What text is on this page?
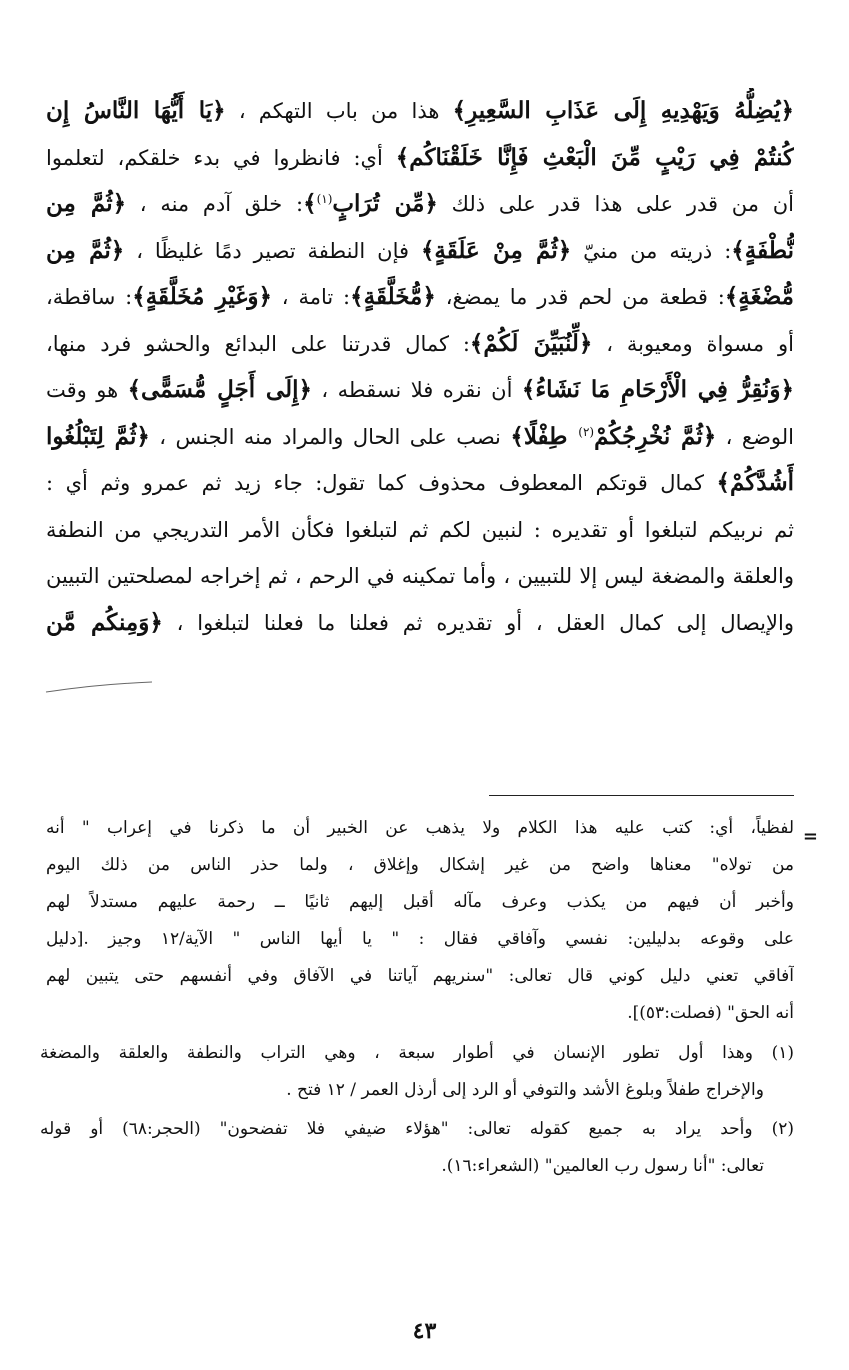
﴿يُضِلُّهُ وَيَهْدِيهِ إِلَى عَذَابِ السَّعِيرِ﴾ هذا من باب التهكم ، ﴿يَا أَيُّهَا النَّاسُ إِن
كُنتُمْ فِي رَيْبٍ مِّنَ الْبَعْثِ فَإِنَّا خَلَقْنَاكُم﴾ أي: فانظروا في بدء خلقكم، لتعلموا
أن من قدر على هذا قدر على ذلك ﴿مِّن تُرَابٍ$^{(١)}$﴾: خلق آدم منه ، ﴿ثُمَّ مِن
نُّطْفَةٍ﴾: ذريته من منيّ ﴿ثُمَّ مِنْ عَلَقَةٍ﴾ فإن النطفة تصير دمًا غليظًا ، ﴿ثُمَّ مِن
مُّضْغَةٍ﴾: قطعة من لحم قدر ما يمضغ، ﴿مُّخَلَّقَةٍ﴾: تامة ، ﴿وَغَيْرِ مُخَلَّقَةٍ﴾: ساقطة،
أو مسواة ومعيوبة ، ﴿لِّنُبَيِّنَ لَكُمْ﴾: كمال قدرتنا على البدائع والحشو فرد منها،
﴿وَنُقِرُّ فِي الْأَرْحَامِ مَا نَشَاءُ﴾ أن نقره فلا نسقطه ، ﴿إِلَى أَجَلٍ مُّسَمًّى﴾ هو وقت
الوضع ، ﴿ثُمَّ نُخْرِجُكُمْ$^{(٢)}$ طِفْلًا﴾ نصب على الحال والمراد منه الجنس ، ﴿ثُمَّ لِتَبْلُغُوا
أَشُدَّكُمْ﴾ كمال قوتكم المعطوف محذوف كما تقول: جاء زيد ثم عمرو وثم أي :
ثم نربيكم لتبلغوا أو تقديره : لنبين لكم ثم لتبلغوا فكأن الأمر التدريجي من النطفة
والعلقة والمضغة ليس إلا للتبيين ، وأما تمكينه في الرحم ، ثم إخراجه لمصلحتين التبيين
والإيصال إلى كمال العقل ، أو تقديره ثم فعلنا ما فعلنا لتبلغوا ، ﴿وَمِنكُم مَّن
=
لفظياً، أي: كتب عليه هذا الكلام ولا يذهب عن الخبير أن ما ذكرنا في إعراب " أنه
من تولاه" معناها واضح من غير إشكال وإغلاق ، ولما حذر الناس من ذلك اليوم
وأخبر أن فيهم من يكذب وعرف مآله أقبل إليهم ثانيًا ــ رحمة عليهم مستدلاً لهم
على وقوعه بدليلين: نفسي وآفاقي فقال : " يا أيها الناس " الآية/١٢ وجيز .[دليل
آفاقي تعني دليل كوني قال تعالى: "سنريهم آياتنا في الآفاق وفي أنفسهم حتى يتبين لهم
أنه الحق" (فصلت:٥٣)].
(١) وهذا أول تطور الإنسان في أطوار سبعة ، وهي التراب والنطفة والعلقة والمضغة
والإخراج طفلاً وبلوغ الأشد والتوفي أو الرد إلى أرذل العمر / ١٢ فتح .
(٢) وأحد يراد به جميع كقوله تعالى: "هؤلاء ضيفي فلا تفضحون" (الحجر:٦٨) أو قوله
تعالى: "أنا رسول رب العالمين" (الشعراء:١٦).
٤٣
